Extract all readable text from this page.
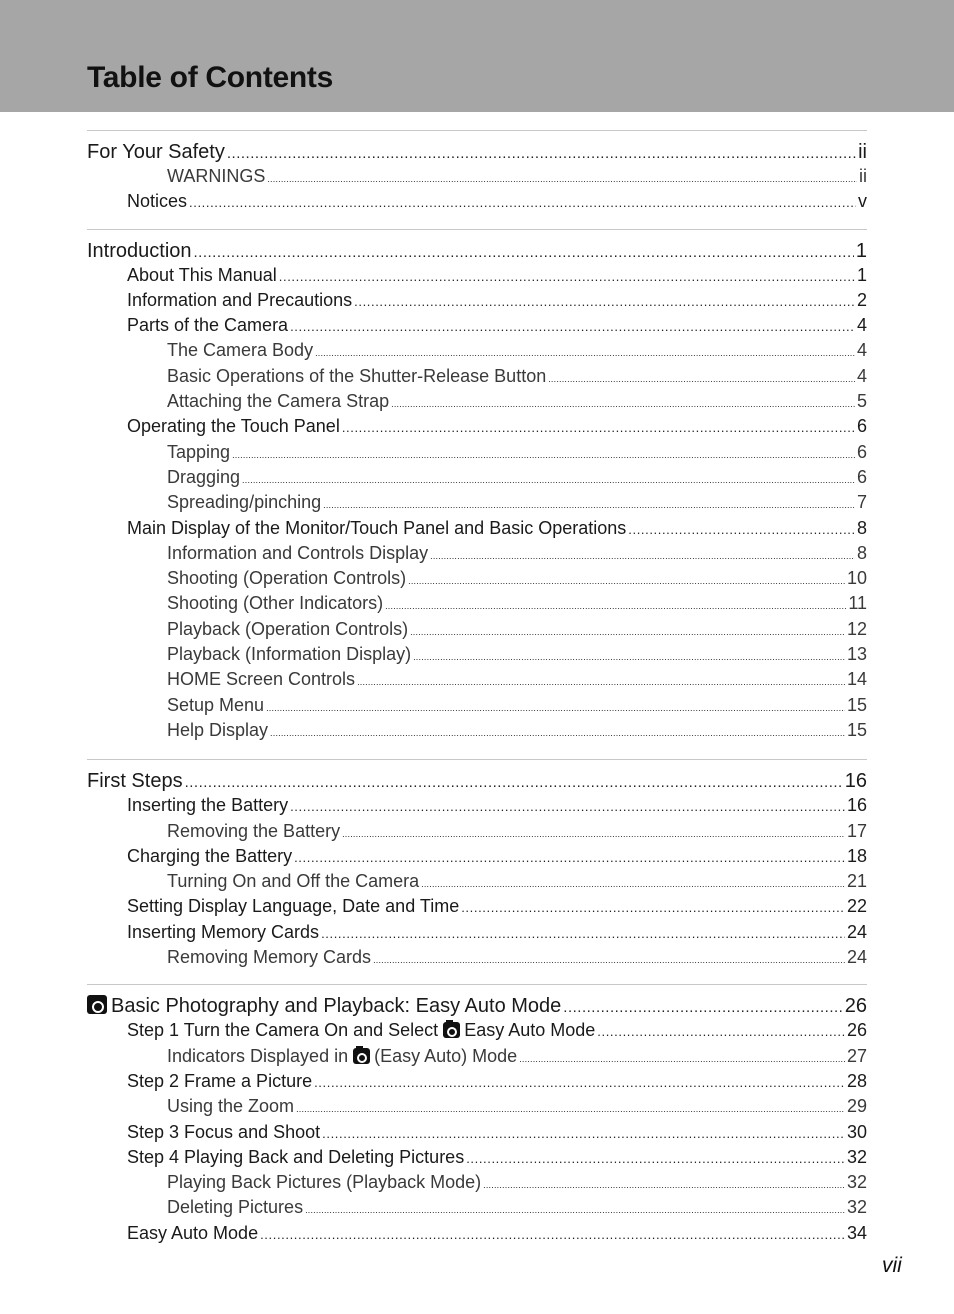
Table of Contents
For Your Safety .....	ii
WARNINGS .....	ii
Notices .....	v
Introduction .....	1
About This Manual .....	1
Information and Precautions .....	2
Parts of the Camera .....	4
The Camera Body .....	4
Basic Operations of the Shutter-Release Button .....	4
Attaching the Camera Strap .....	5
Operating the Touch Panel .....	6
Tapping .....	6
Dragging .....	6
Spreading/pinching .....	7
Main Display of the Monitor/Touch Panel and Basic Operations .....	8
Information and Controls Display .....	8
Shooting (Operation Controls) .....	10
Shooting (Other Indicators) .....	11
Playback (Operation Controls) .....	12
Playback (Information Display) .....	13
HOME Screen Controls .....	14
Setup Menu .....	15
Help Display .....	15
First Steps .....	16
Inserting the Battery .....	16
Removing the Battery .....	17
Charging the Battery .....	18
Turning On and Off the Camera .....	21
Setting Display Language, Date and Time .....	22
Inserting Memory Cards .....	24
Removing Memory Cards .....	24
Basic Photography and Playback: Easy Auto Mode .....	26
Step 1 Turn the Camera On and Select Easy Auto Mode .....	26
Indicators Displayed in (Easy Auto) Mode .....	27
Step 2 Frame a Picture .....	28
Using the Zoom .....	29
Step 3 Focus and Shoot .....	30
Step 4 Playing Back and Deleting Pictures .....	32
Playing Back Pictures (Playback Mode) .....	32
Deleting Pictures .....	32
Easy Auto Mode .....	34
vii
